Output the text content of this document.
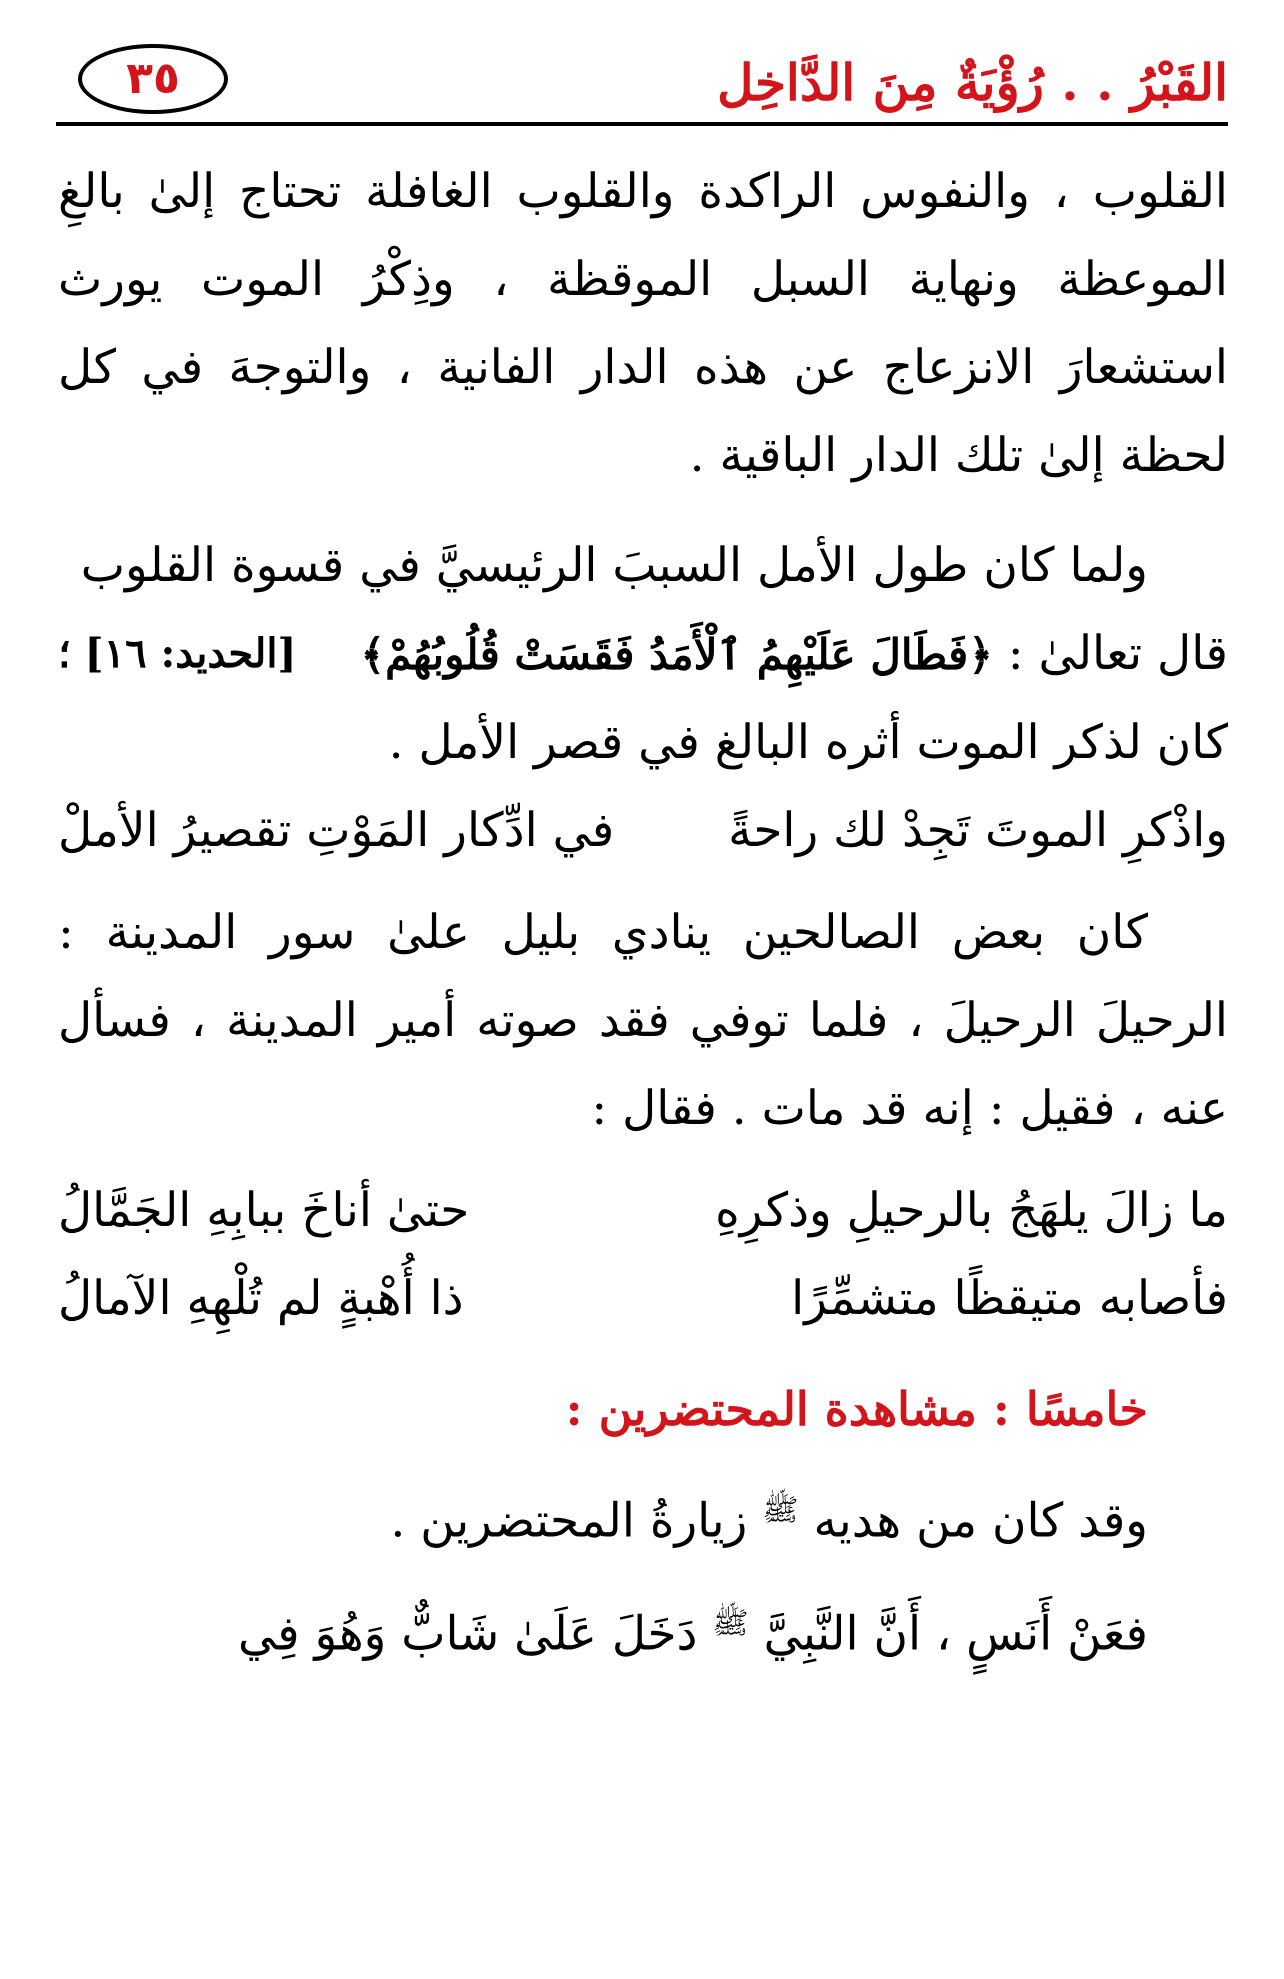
القَبْرُ . . رُؤْيَةٌ مِنَ الدَّاخِل
٣٥

القلوب ، والنفوس الراكدة والقلوب الغافلة تحتاج إلىٰ بالغِ الموعظة ونهاية السبل الموقظة ، وذِكْرُ الموت يورث استشعارَ الانزعاج عن هذه الدار الفانية ، والتوجهَ في كل لحظة إلىٰ تلك الدار الباقية .

ولما كان طول الأمل السببَ الرئيسيَّ في قسوة القلوب

قال تعالىٰ : ﴿فَطَالَ عَلَيْهِمُ ٱلْأَمَدُ فَقَسَتْ قُلُوبُهُمْ﴾
[الحديد: ١٦] ؛

كان لذكر الموت أثره البالغ في قصر الأمل .

واذْكرِ الموتَ تَجِدْ لك راحةً
في ادِّكار المَوْتِ تقصيرُ الأملْ

كان بعض الصالحين ينادي بليل علىٰ سور المدينة : الرحيلَ الرحيلَ ، فلما توفي فقد صوته أمير المدينة ، فسأل عنه ، فقيل : إنه قد مات . فقال :

ما زالَ يلهَجُ بالرحيلِ وذكرِهِ
حتىٰ أناخَ ببابِهِ الجَمَّالُ
فأصابه متيقظًا متشمِّرًا
ذا أُهْبةٍ لم تُلْهِهِ الآمالُ

خامسًا : مشاهدة المحتضرين :

وقد كان من هديه $^ﷺ$ زيارةُ المحتضرين .

فعَنْ أَنَسٍ ، أَنَّ النَّبِيَّ $^ﷺ$ دَخَلَ عَلَىٰ شَابٌّ وَهُوَ فِي
